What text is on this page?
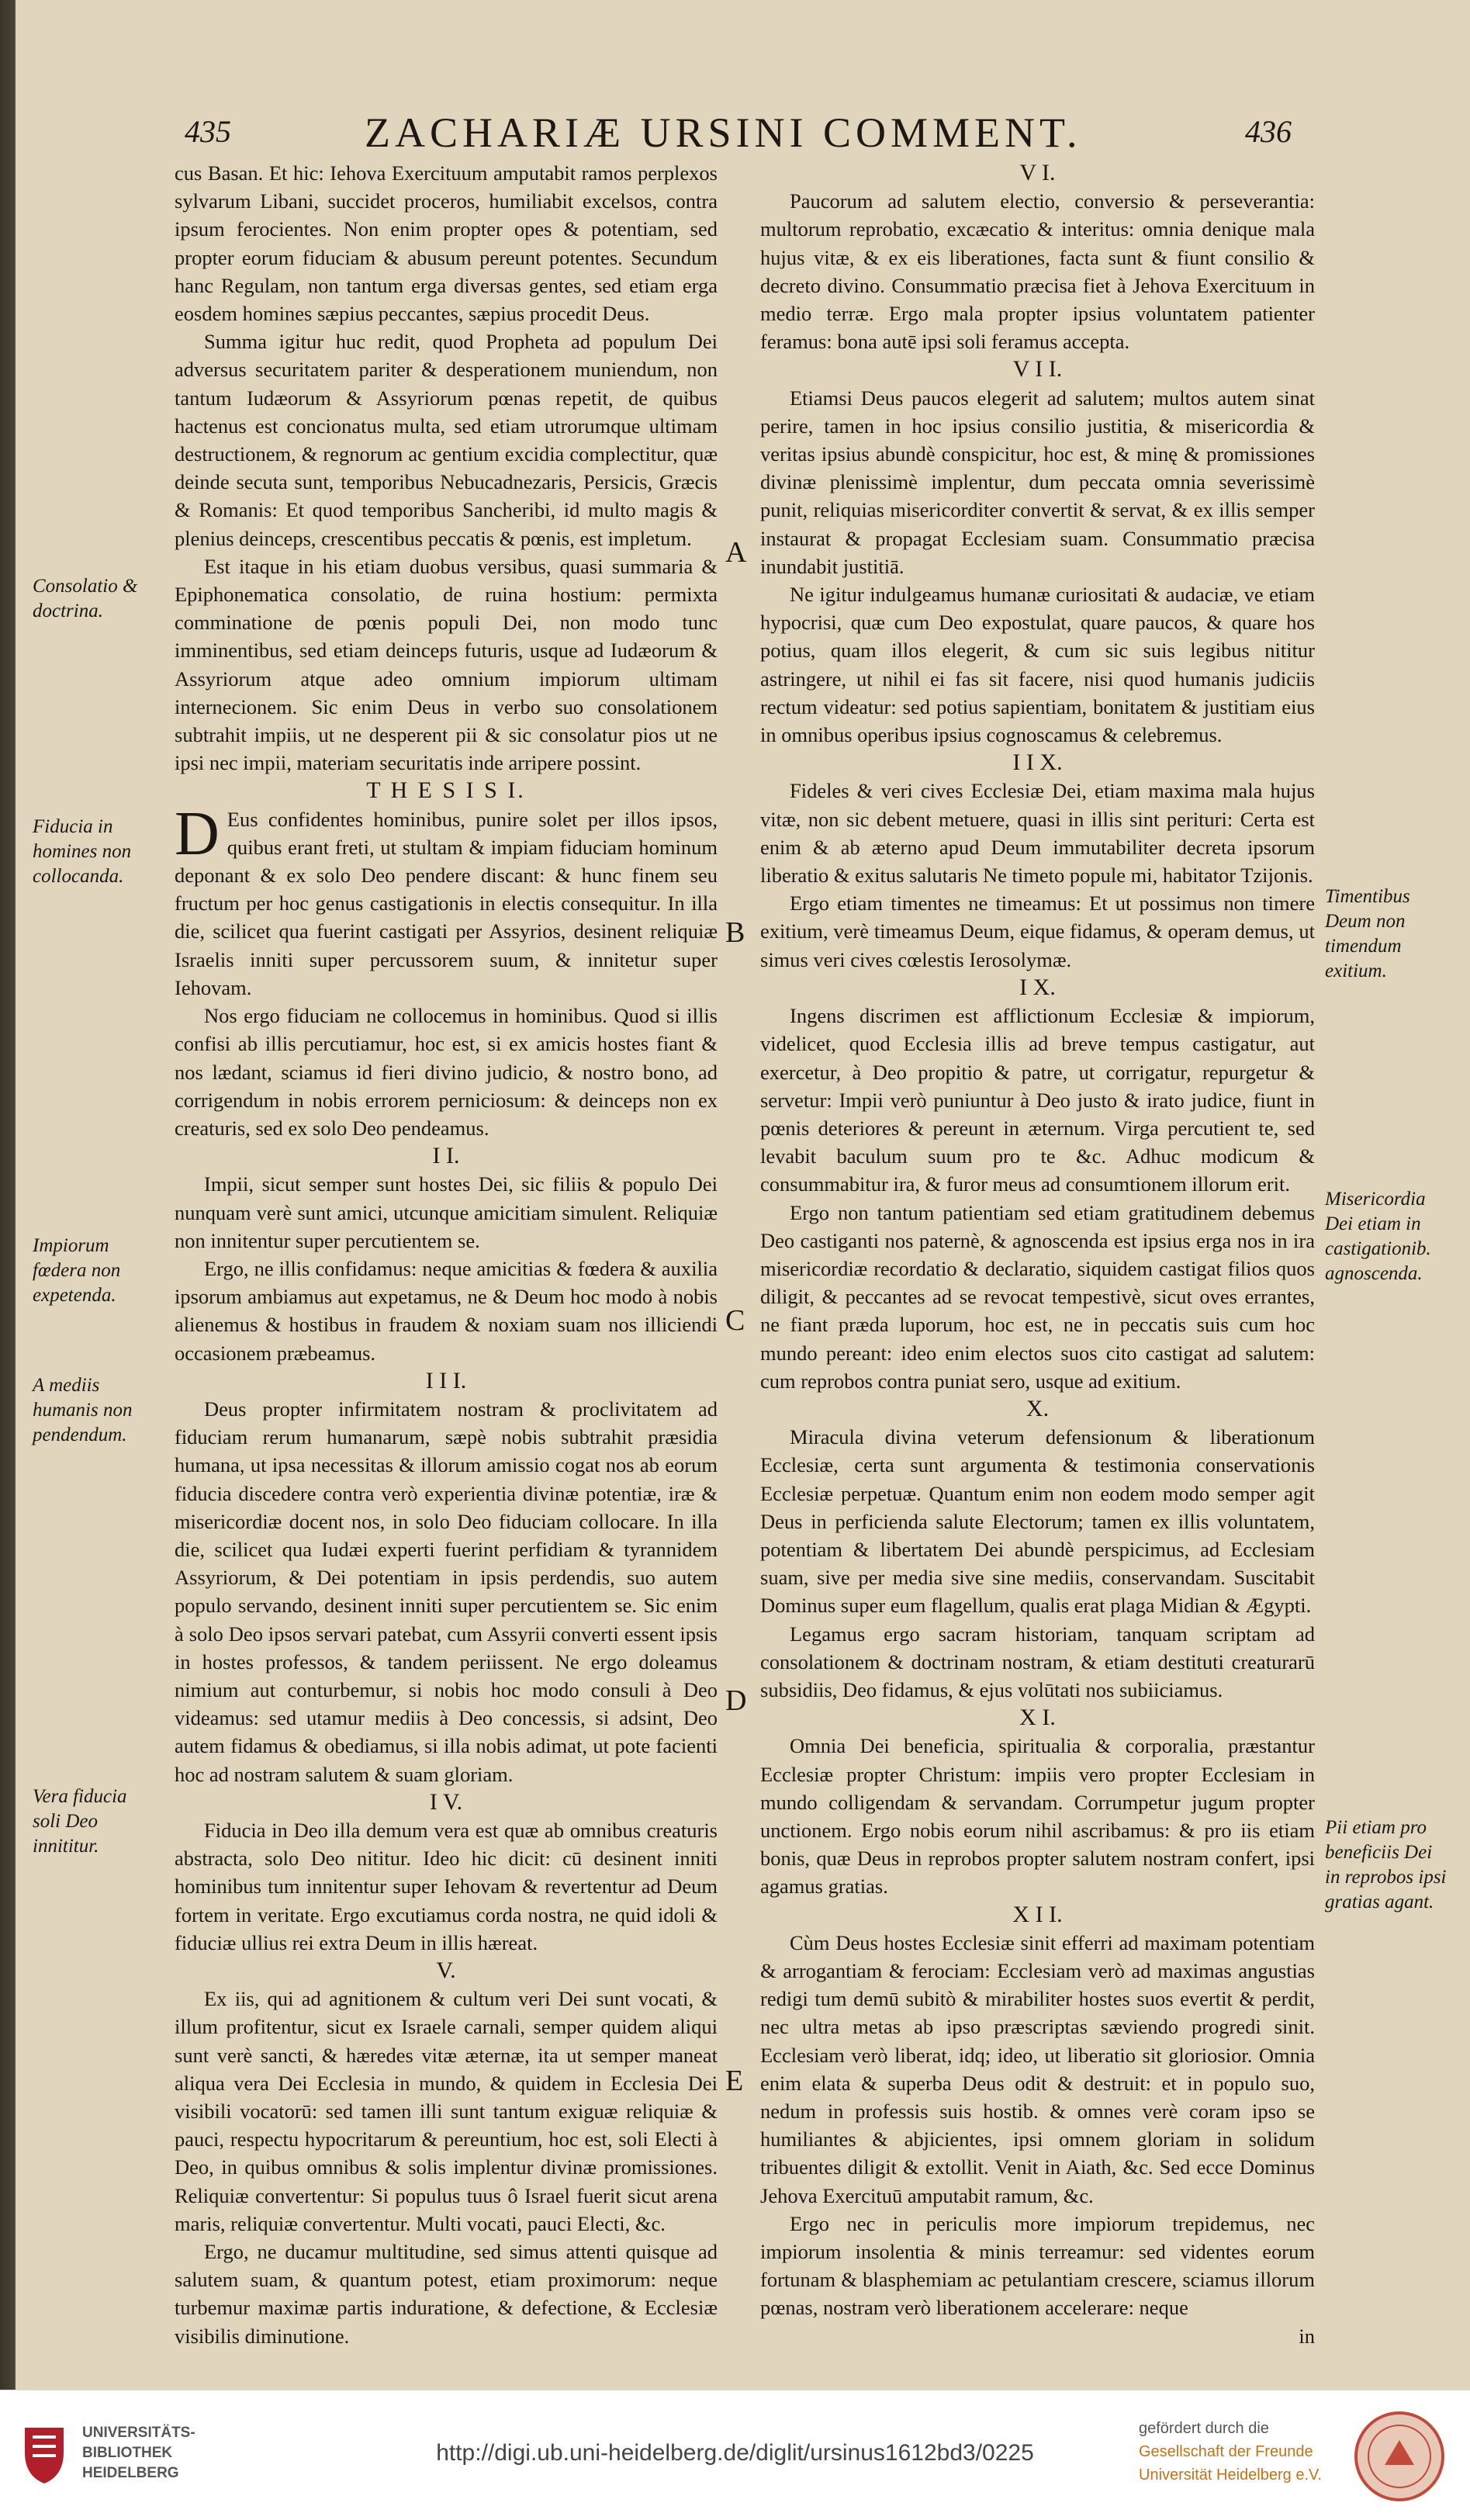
435	ZACHARIÆ URSINI COMMENT.	436

cus Basan. Et hic: Iehova Exercituum amputabit ramos perplexos sylvarum Libani, succidet proceros, humiliabit excelsos, contra ipsum ferocientes. Non enim propter opes & potentiam, sed propter eorum fiduciam & abusum pereunt potentes. Secundum hanc Regulam, non tantum erga diversas gentes, sed etiam erga eosdem homines sæpius peccantes, sæpius procedit Deus.

Summa igitur huc redit, quod Propheta ad populum Dei adversus securitatem pariter & desperationem muniendum, non tantum Iudæorum & Assyriorum pœnas repetit, de quibus hactenus est concionatus multa, sed etiam utrorumque ultimam destructionem, & regnorum ac gentium excidia complectitur, quæ deinde secuta sunt, temporibus Nebucadnezaris, Persicis, Græcis & Romanis: Et quod temporibus Sancheribi, id multo magis & plenius deinceps, crescentibus peccatis & pœnis, est impletum.

Est itaque in his etiam duobus versibus, quasi summaria & Epiphonematica consolatio, de ruina hostium: permixta comminatione de pœnis populi Dei, non modo tunc imminentibus, sed etiam deinceps futuris, usque ad Iudæorum & Assyriorum atque adeo omnium impiorum ultimam internecionem. Sic enim Deus in verbo suo consolationem subtrahit impiis, ut ne desperent pii & sic consolatur pios ut ne ipsi nec impii, materiam securitatis inde arripere possint.

T H E S I S I.

D Eus confidentes hominibus, punire solet per illos ipsos, quibus erant freti, ut stultam & impiam fiduciam hominum deponant & ex solo Deo pendere discant: & hunc finem seu fructum per hoc genus castigationis in electis consequitur. In illa die, scilicet qua fuerint castigati per Assyrios, desinent reliquiæ Israelis inniti super percussorem suum, & innitetur super Iehovam.

Nos ergo fiduciam ne collocemus in hominibus. Quod si illis confisi ab illis percutiamur, hoc est, si ex amicis hostes fiant & nos lædant, sciamus id fieri divino judicio, & nostro bono, ad corrigendum in nobis errorem perniciosum: & deinceps non ex creaturis, sed ex solo Deo pendeamus.

I I.

Impii, sicut semper sunt hostes Dei, sic filiis & populo Dei nunquam verè sunt amici, utcunque amicitiam simulent. Reliquiæ non innitentur super percutientem se.

Ergo, ne illis confidamus: neque amicitias & fœdera & auxilia ipsorum ambiamus aut expetamus, ne & Deum hoc modo à nobis alienemus & hostibus in fraudem & noxiam suam nos illiciendi occasionem præbeamus.

I I I.

Deus propter infirmitatem nostram & proclivitatem ad fiduciam rerum humanarum, sæpè nobis subtrahit præsidia humana, ut ipsa necessitas & illorum amissio cogat nos ab eorum fiducia discedere contra verò experientia divinæ potentiæ, iræ & misericordiæ docent nos, in solo Deo fiduciam collocare. In illa die, scilicet qua Iudæi experti fuerint perfidiam & tyrannidem Assyriorum, & Dei potentiam in ipsis perdendis, suo autem populo servando, desinent inniti super percutientem se. Sic enim à solo Deo ipsos servari patebat, cum Assyrii converti essent ipsis in hostes professos, & tandem periissent. Ne ergo doleamus nimium aut conturbemur, si nobis hoc modo consuli à Deo videamus: sed utamur mediis à Deo concessis, si adsint, Deo autem fidamus & obediamus, si illa nobis adimat, ut pote facienti hoc ad nostram salutem & suam gloriam.

I V.

Fiducia in Deo illa demum vera est quæ ab omnibus creaturis abstracta, solo Deo nititur. Ideo hic dicit: cū desinent inniti hominibus tum innitentur super Iehovam & revertentur ad Deum fortem in veritate. Ergo excutiamus corda nostra, ne quid idoli & fiduciæ ullius rei extra Deum in illis hæreat.

V.

Ex iis, qui ad agnitionem & cultum veri Dei sunt vocati, & illum profitentur, sicut ex Israele carnali, semper quidem aliqui sunt verè sancti, & hæredes vitæ æternæ, ita ut semper maneat aliqua vera Dei Ecclesia in mundo, & quidem in Ecclesia Dei visibili vocatorū: sed tamen illi sunt tantum exiguæ reliquiæ & pauci, respectu hypocritarum & pereuntium, hoc est, soli Electi à Deo, in quibus omnibus & solis implentur divinæ promissiones. Reliquiæ convertentur: Si populus tuus ô Israel fuerit sicut arena maris, reliquiæ convertentur. Multi vocati, pauci Electi, &c.

Ergo, ne ducamur multitudine, sed simus attenti quisque ad salutem suam, & quantum potest, etiam proximorum: neque turbemur maximæ partis induratione, & defectione, & Ecclesiæ visibilis diminutione.

V I.

Paucorum ad salutem electio, conversio & perseverantia: multorum reprobatio, excæcatio & interitus: omnia denique mala hujus vitæ, & ex eis liberationes, facta sunt & fiunt consilio & decreto divino. Consummatio præcisa fiet à Jehova Exercituum in medio terræ. Ergo mala propter ipsius voluntatem patienter feramus: bona autē ipsi soli feramus accepta.

V I I.

Etiamsi Deus paucos elegerit ad salutem; multos autem sinat perire, tamen in hoc ipsius consilio justitia, & misericordia & veritas ipsius abundè conspicitur, hoc est, & minę & promissiones divinæ plenissimè implentur, dum peccata omnia severissimè punit, reliquias misericorditer convertit & servat, & ex illis semper instaurat & propagat Ecclesiam suam. Consummatio præcisa inundabit justitiā.

Ne igitur indulgeamus humanæ curiositati & audaciæ, ve etiam hypocrisi, quæ cum Deo expostulat, quare paucos, & quare hos potius, quam illos elegerit, & cum sic suis legibus nititur astringere, ut nihil ei fas sit facere, nisi quod humanis judiciis rectum videatur: sed potius sapientiam, bonitatem & justitiam eius in omnibus operibus ipsius cognoscamus & celebremus.

I I X.

Fideles & veri cives Ecclesiæ Dei, etiam maxima mala hujus vitæ, non sic debent metuere, quasi in illis sint perituri: Certa est enim & ab æterno apud Deum immutabiliter decreta ipsorum liberatio & exitus salutaris Ne timeto popule mi, habitator Tzijonis.

Ergo etiam timentes ne timeamus: Et ut possimus non timere exitium, verè timeamus Deum, eique fidamus, & operam demus, ut simus veri cives cœlestis Ierosolymæ.

I X.

Ingens discrimen est afflictionum Ecclesiæ & impiorum, videlicet, quod Ecclesia illis ad breve tempus castigatur, aut exercetur, à Deo propitio & patre, ut corrigatur, repurgetur & servetur: Impii verò puniuntur à Deo justo & irato judice, fiunt in pœnis deteriores & pereunt in æternum. Virga percutient te, sed levabit baculum suum pro te &c. Adhuc modicum & consummabitur ira, & furor meus ad consumtionem illorum erit.

Ergo non tantum patientiam sed etiam gratitudinem debemus Deo castiganti nos paternè, & agnoscenda est ipsius erga nos in ira misericordiæ recordatio & declaratio, siquidem castigat filios quos diligit, & peccantes ad se revocat tempestivè, sicut oves errantes, ne fiant præda luporum, hoc est, ne in peccatis suis cum hoc mundo pereant: ideo enim electos suos cito castigat ad salutem: cum reprobos contra puniat sero, usque ad exitium.

X.

Miracula divina veterum defensionum & liberationum Ecclesiæ, certa sunt argumenta & testimonia conservationis Ecclesiæ perpetuæ. Quantum enim non eodem modo semper agit Deus in perficienda salute Electorum; tamen ex illis voluntatem, potentiam & libertatem Dei abundè perspicimus, ad Ecclesiam suam, sive per media sive sine mediis, conservandam. Suscitabit Dominus super eum flagellum, qualis erat plaga Midian & Ægypti.

Legamus ergo sacram historiam, tanquam scriptam ad consolationem & doctrinam nostram, & etiam destituti creaturarū subsidiis, Deo fidamus, & ejus volūtati nos subiiciamus.

X I.

Omnia Dei beneficia, spiritualia & corporalia, præstantur Ecclesiæ propter Christum: impiis vero propter Ecclesiam in mundo colligendam & servandam. Corrumpetur jugum propter unctionem. Ergo nobis eorum nihil ascribamus: & pro iis etiam bonis, quæ Deus in reprobos propter salutem nostram confert, ipsi agamus gratias.

X I I.

Cùm Deus hostes Ecclesiæ sinit efferri ad maximam potentiam & arrogantiam & ferociam: Ecclesiam verò ad maximas angustias redigi tum demū subitò & mirabiliter hostes suos evertit & perdit, nec ultra metas ab ipso præscriptas sæviendo progredi sinit. Ecclesiam verò liberat, idq; ideo, ut liberatio sit gloriosior. Omnia enim elata & superba Deus odit & destruit: et in populo suo, nedum in professis suis hostib. & omnes verè coram ipso se humiliantes & abjicientes, ipsi omnem gloriam in solidum tribuentes diligit & extollit. Venit in Aiath, &c. Sed ecce Dominus Jehova Exercituū amputabit ramum, &c.

Ergo nec in periculis more impiorum trepidemus, nec impiorum insolentia & minis terreamur: sed videntes eorum fortunam & blasphemiam ac petulantiam crescere, sciamus illorum pœnas, nostram verò liberationem accelerare: neque

in

Consolatio & doctrina.
Fiducia in homines non collocanda.
Impiorum fœdera non expetenda.
A mediis humanis non pendendum.
Vera fiducia soli Deo innititur.
Timentibus Deum non timendum exitium.
Misericordia Dei etiam in castigationib. agnoscenda.
Pii etiam pro beneficiis Dei in reprobos ipsi gratias agant.
A
B
C
D
E
UNIVERSITÄTS-
BIBLIOTHEK
HEIDELBERG
http://digi.ub.uni-heidelberg.de/diglit/ursinus1612bd3/0225
gefördert durch die
Gesellschaft der Freunde
Universität Heidelberg e.V.
